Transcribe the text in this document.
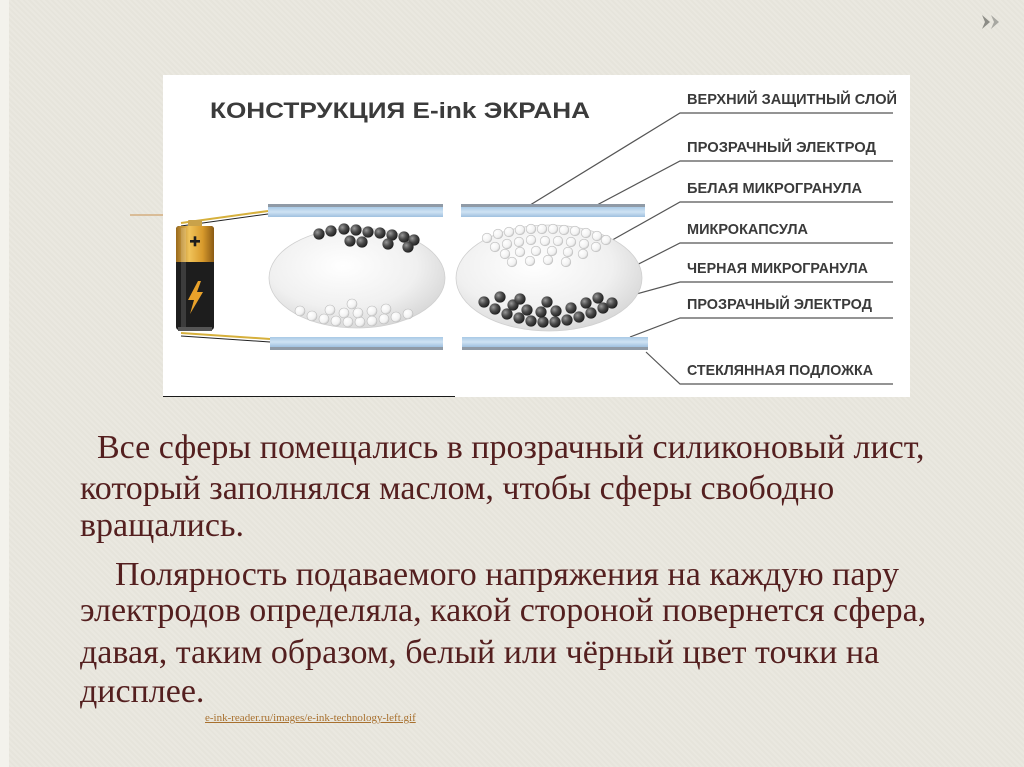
КОНСТРУКЦИЯ E-ink ЭКРАНА	ВЕРХНИЙ ЗАЩИТНЫЙ СЛОЙ
ПРОЗРАЧНЫЙ ЭЛЕКТРОД
БЕЛАЯ МИКРОГРАНУЛА
МИКРОКАПСУЛА
ЧЕРНАЯ МИКРОГРАНУЛА
ПРОЗРАЧНЫЙ ЭЛЕКТРОД
СТЕКЛЯННАЯ ПОДЛОЖКА
Все сферы помещались в прозрачный силиконовый лист,
который заполнялся маслом, чтобы сферы свободно
вращались.
Полярность подаваемого напряжения на каждую пару
электродов определяла, какой стороной повернется сфера,
давая, таким образом, белый или чёрный цвет точки на
дисплее.
e-ink-reader.ru/images/e-ink-technology-left.gif
